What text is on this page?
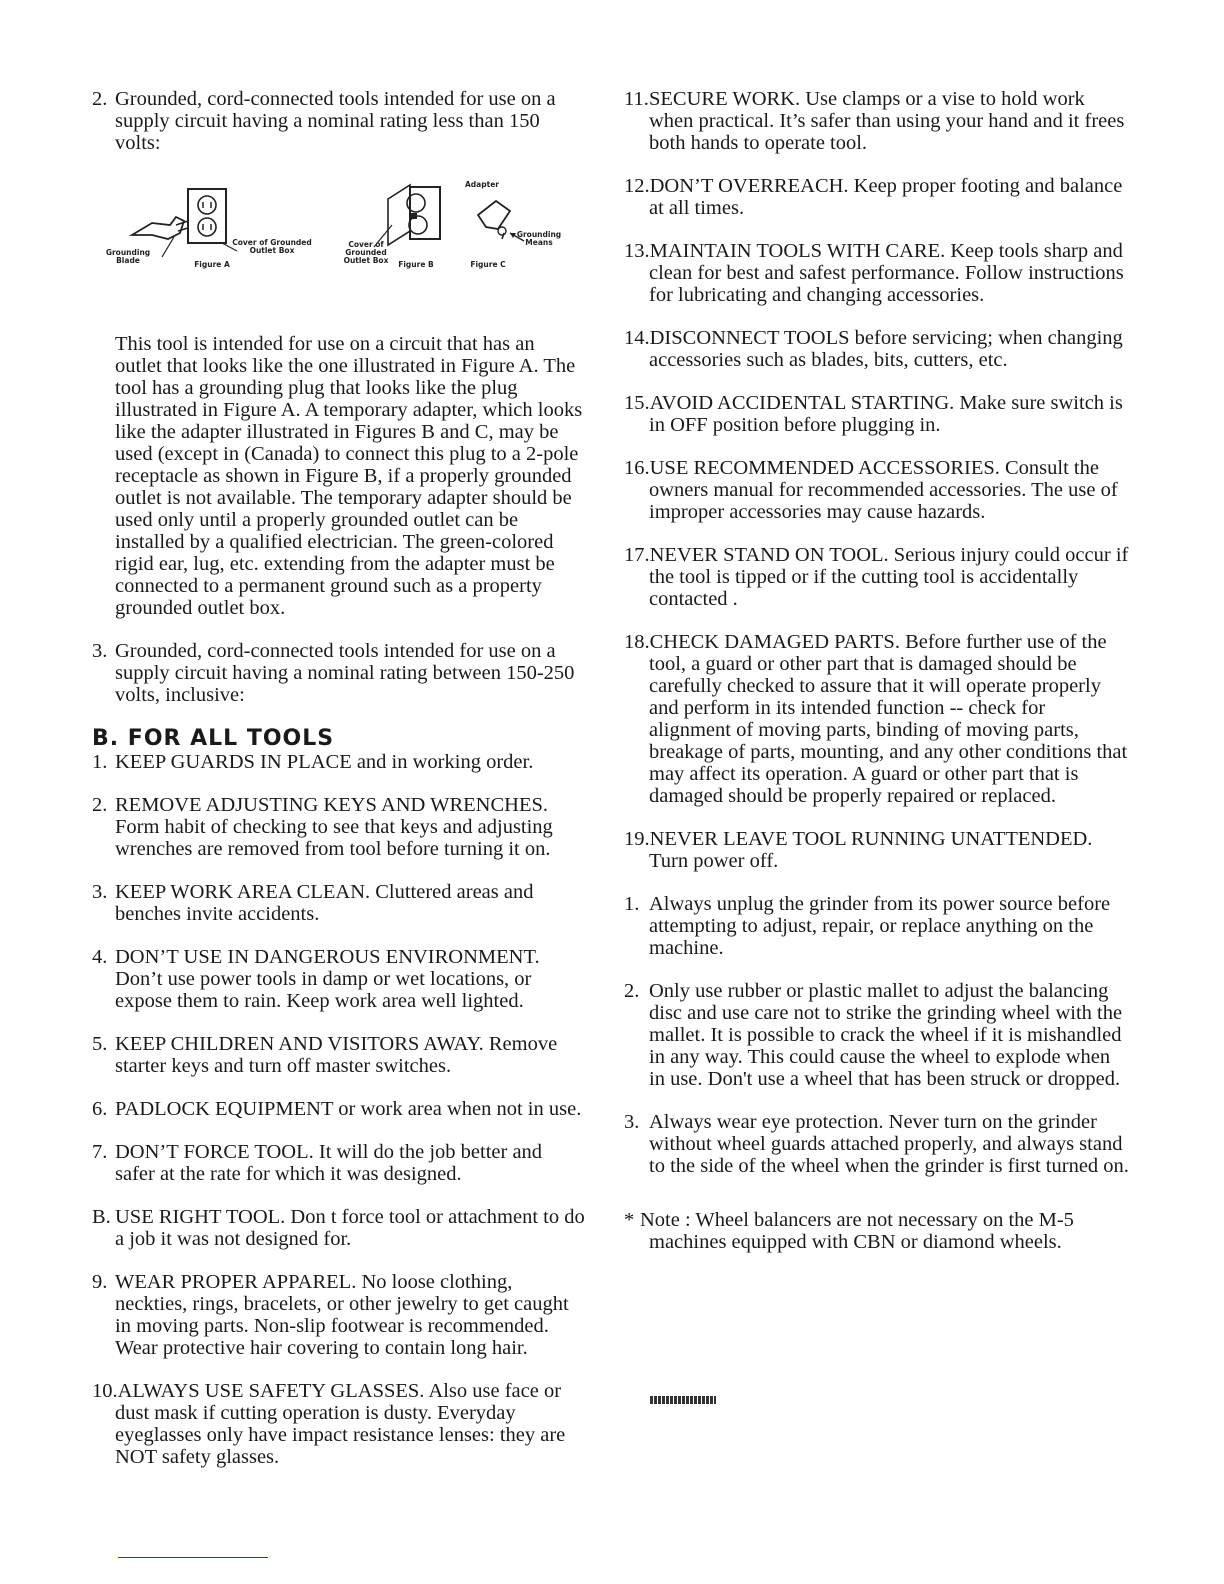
2. Grounded, cord-connected tools intended for use on a supply circuit having a nominal rating less than 150 volts:

Grounding Blade	Figure A
Cover of Grounded Outlet Box
Cover of Grounded Outlet Box	Figure B
Adapter
Grounding Means
Figure C

This tool is intended for use on a circuit that has an outlet that looks like the one illustrated in Figure A. The tool has a grounding plug that looks like the plug illustrated in Figure A. A temporary adapter, which looks like the adapter illustrated in Figures B and C, may be used (except in (Canada) to connect this plug to a 2-pole receptacle as shown in Figure B, if a properly grounded outlet is not available. The temporary adapter should be used only until a properly grounded outlet can be installed by a qualified electrician. The green-colored rigid ear, lug, etc. extending from the adapter must be connected to a permanent ground such as a property grounded outlet box.

3. Grounded, cord-connected tools intended for use on a supply circuit having a nominal rating between 150-250 volts, inclusive:

B. FOR ALL TOOLS

1. KEEP GUARDS IN PLACE and in working order.

2. REMOVE ADJUSTING KEYS AND WRENCHES. Form habit of checking to see that keys and adjusting wrenches are removed from tool before turning it on.

3. KEEP WORK AREA CLEAN. Cluttered areas and benches invite accidents.

4. DON’T USE IN DANGEROUS ENVIRONMENT. Don’t use power tools in damp or wet locations, or expose them to rain. Keep work area well lighted.

5. KEEP CHILDREN AND VISITORS AWAY. Remove starter keys and turn off master switches.

6. PADLOCK EQUIPMENT or work area when not in use.

7. DON’T FORCE TOOL. It will do the job better and safer at the rate for which it was designed.

B. USE RIGHT TOOL. Don t force tool or attachment to do a job it was not designed for.

9. WEAR PROPER APPAREL. No loose clothing, neckties, rings, bracelets, or other jewelry to get caught in moving parts. Non-slip footwear is recommended. Wear protective hair covering to contain long hair.

10.ALWAYS USE SAFETY GLASSES. Also use face or dust mask if cutting operation is dusty. Everyday eyeglasses only have impact resistance lenses: they are NOT safety glasses.

11.SECURE WORK. Use clamps or a vise to hold work when practical. It’s safer than using your hand and it frees both hands to operate tool.

12.DON’T OVERREACH. Keep proper footing and balance at all times.

13.MAINTAIN TOOLS WITH CARE. Keep tools sharp and clean for best and safest performance. Follow instructions for lubricating and changing accessories.

14.DISCONNECT TOOLS before servicing; when changing accessories such as blades, bits, cutters, etc.

15.AVOID ACCIDENTAL STARTING. Make sure switch is in OFF position before plugging in.

16.USE RECOMMENDED ACCESSORIES. Consult the owners manual for recommended accessories. The use of improper accessories may cause hazards.

17.NEVER STAND ON TOOL. Serious injury could occur if the tool is tipped or if the cutting tool is accidentally contacted .

18.CHECK DAMAGED PARTS. Before further use of the tool, a guard or other part that is damaged should be carefully checked to assure that it will operate properly and perform in its intended function -- check for alignment of moving parts, binding of moving parts, breakage of parts, mounting, and any other conditions that may affect its operation. A guard or other part that is damaged should be properly repaired or replaced.

19.NEVER LEAVE TOOL RUNNING UNATTENDED. Turn power off.

1. Always unplug the grinder from its power source before attempting to adjust, repair, or replace anything on the machine.

2. Only use rubber or plastic mallet to adjust the balancing disc and use care not to strike the grinding wheel with the mallet. It is possible to crack the wheel if it is mishandled in any way. This could cause the wheel to explode when in use. Don't use a wheel that has been struck or dropped.

3. Always wear eye protection. Never turn on the grinder without wheel guards attached properly, and always stand to the side of the wheel when the grinder is first turned on.

* Note : Wheel balancers are not necessary on the M-5 machines equipped with CBN or diamond wheels.
